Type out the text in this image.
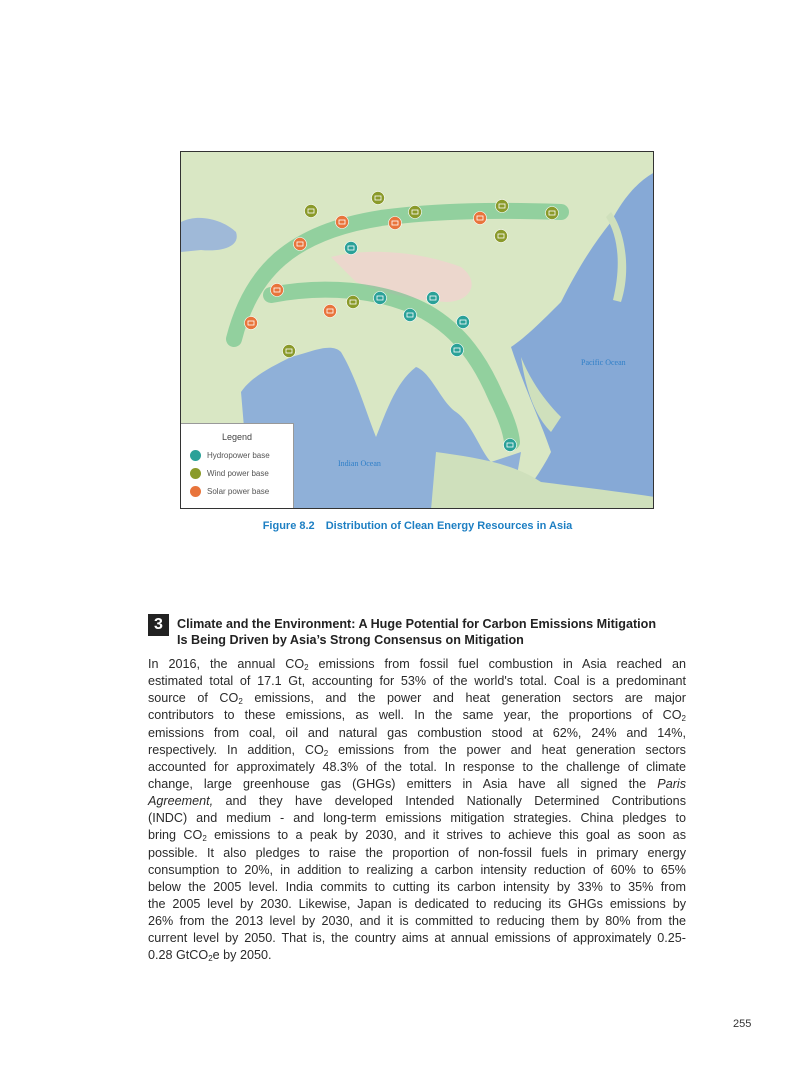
Pacific Ocean
Indian Ocean
Legend
Hydropower base
Wind power base
Solar power base
Figure 8.2 Distribution of Clean Energy Resources in Asia
3	Climate and the Environment: A Huge Potential for Carbon Emissions Mitigation
Is Being Driven by Asia’s Strong Consensus on Mitigation
In 2016, the annual $CO_2$ emissions from fossil fuel combustion in Asia reached an
estimated total of 17.1 Gt, accounting for 53% of the world's total. Coal is a predominant
source of $CO_2$ emissions, and the power and heat generation sectors are major
contributors to these emissions, as well. In the same year, the proportions of $CO_2$
emissions from coal, oil and natural gas combustion stood at 62%, 24% and 14%,
respectively. In addition, $CO_2$ emissions from the power and heat generation sectors
accounted for approximately 48.3% of the total. In response to the challenge of climate
change, large greenhouse gas (GHGs) emitters in Asia have all signed the Paris
Agreement, and they have developed Intended Nationally Determined Contributions
(INDC) and medium - and long-term emissions mitigation strategies. China pledges to
bring $CO_2$ emissions to a peak by 2030, and it strives to achieve this goal as soon as
possible. It also pledges to raise the proportion of non-fossil fuels in primary energy
consumption to 20%, in addition to realizing a carbon intensity reduction of 60% to 65%
below the 2005 level. India commits to cutting its carbon intensity by 33% to 35% from
the 2005 level by 2030. Likewise, Japan is dedicated to reducing its GHGs emissions by
26% from the 2013 level by 2030, and it is committed to reducing them by 80% from the
current level by 2050. That is, the country aims at annual emissions of approximately 0.25-
0.28 GtCO$_2$e by 2050.
255
